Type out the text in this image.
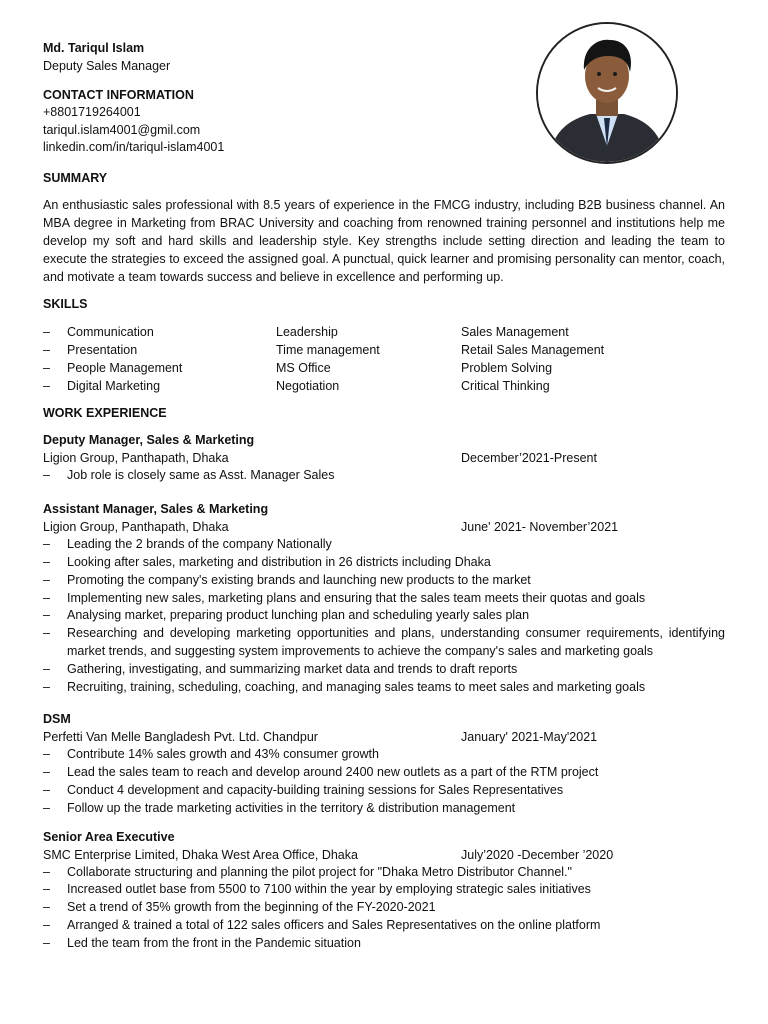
Md. Tariqul Islam
Deputy Sales Manager
CONTACT INFORMATION
+8801719264001
tariqul.islam4001@gmil.com
linkedin.com/in/tariqul-islam4001
SUMMARY
An enthusiastic sales professional with 8.5 years of experience in the FMCG industry, including B2B business channel. An MBA degree in Marketing from BRAC University and coaching from renowned training personnel and institutions help me develop my soft and hard skills and leadership style. Key strengths include setting direction and leading the team to execute the strategies to exceed the assigned goal. A punctual, quick learner and promising personality can mentor, coach, and motivate a team towards success and believe in excellence and performing up.
SKILLS
–	Communication	Leadership	Sales Management
–	Presentation	Time management	Retail Sales Management
–	People Management	MS Office	Problem Solving
–	Digital Marketing	Negotiation	Critical Thinking
WORK EXPERIENCE
Deputy Manager, Sales & Marketing
Ligion Group, Panthapath, Dhaka	December’2021-Present
–	Job role is closely same as Asst. Manager Sales
Assistant Manager, Sales & Marketing
Ligion Group, Panthapath, Dhaka	June' 2021- November’2021
–	Leading the 2 brands of the company Nationally
–	Looking after sales, marketing and distribution in 26 districts including Dhaka
–	Promoting the company's existing brands and launching new products to the market
–	Implementing new sales, marketing plans and ensuring that the sales team meets their quotas and goals
–	Analysing market, preparing product lunching plan and scheduling yearly sales plan
–	Researching and developing marketing opportunities and plans, understanding consumer requirements, identifying market trends, and suggesting system improvements to achieve the company's sales and marketing goals
–	Gathering, investigating, and summarizing market data and trends to draft reports
–	Recruiting, training, scheduling, coaching, and managing sales teams to meet sales and marketing goals
DSM
Perfetti Van Melle Bangladesh Pvt. Ltd. Chandpur	January' 2021-May'2021
–	Contribute 14% sales growth and 43% consumer growth
–	Lead the sales team to reach and develop around 2400 new outlets as a part of the RTM project
–	Conduct 4 development and capacity-building training sessions for Sales Representatives
–	Follow up the trade marketing activities in the territory & distribution management
Senior Area Executive
SMC Enterprise Limited, Dhaka West Area Office, Dhaka	July’2020 -December ’2020
–	Collaborate structuring and planning the pilot project for "Dhaka Metro Distributor Channel."
–	Increased outlet base from 5500 to 7100 within the year by employing strategic sales initiatives
–	Set a trend of 35% growth from the beginning of the FY-2020-2021
–	Arranged & trained a total of 122 sales officers and Sales Representatives on the online platform
–	Led the team from the front in the Pandemic situation
